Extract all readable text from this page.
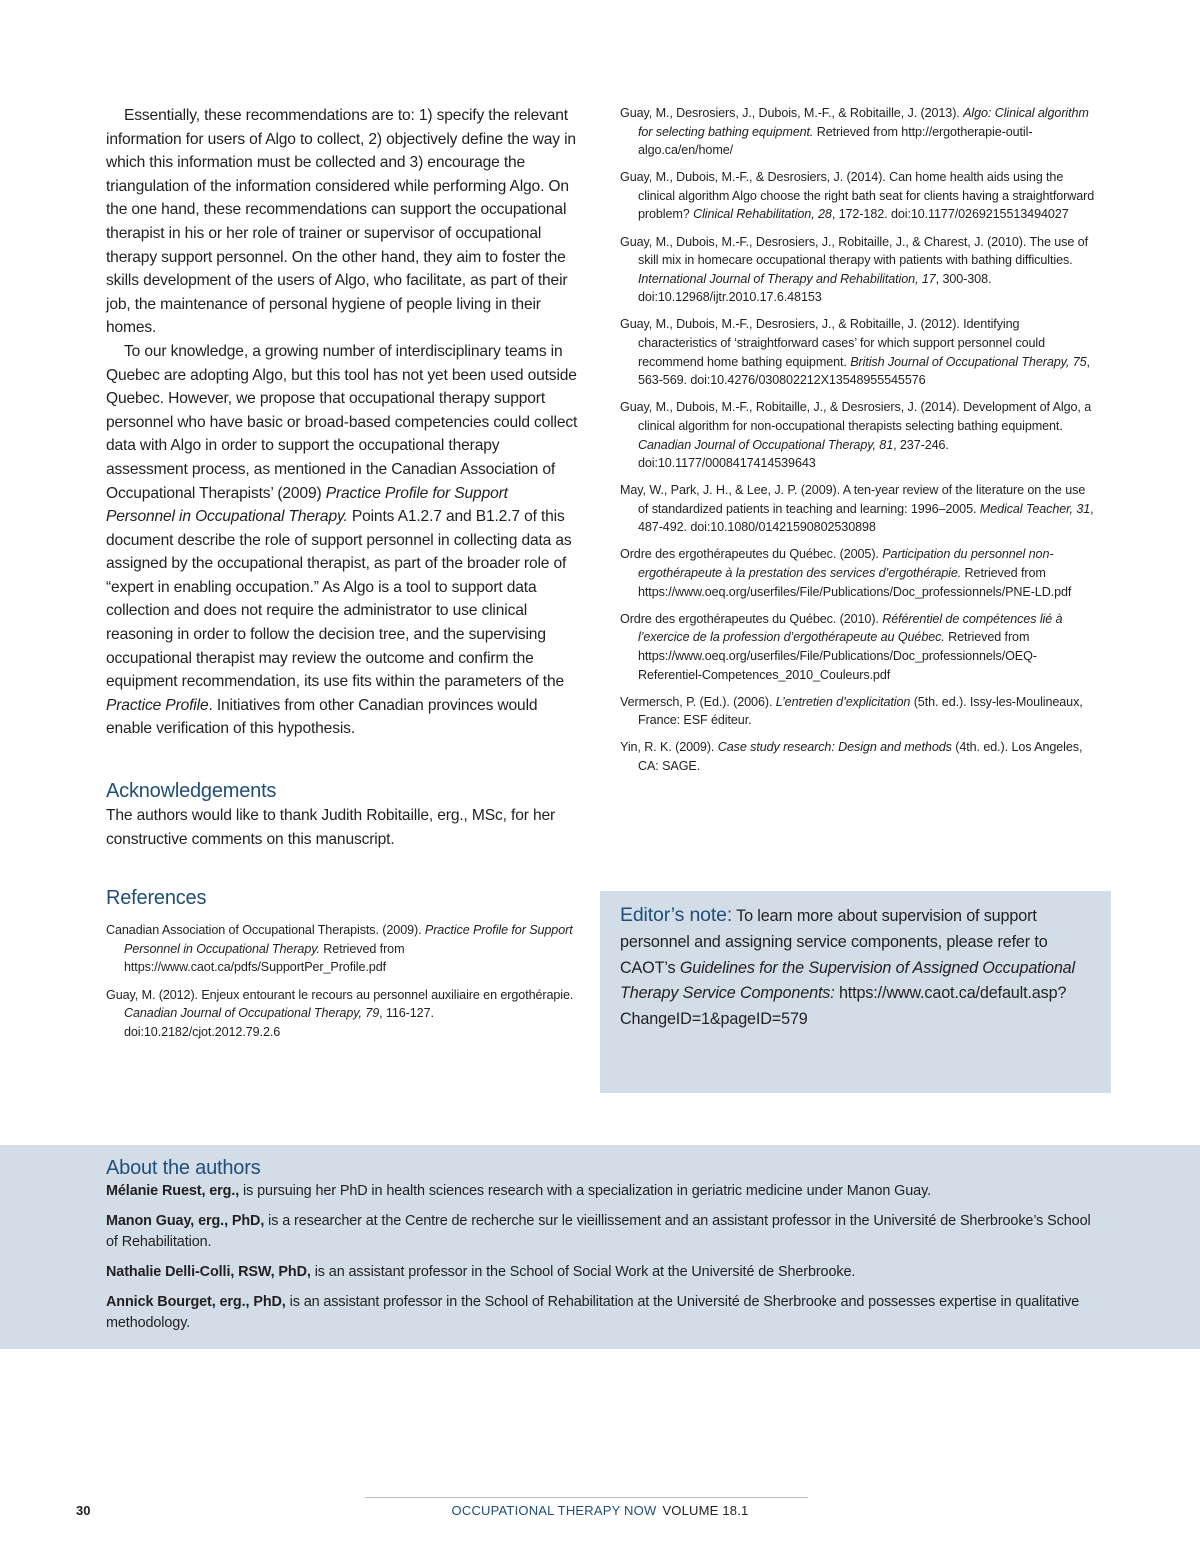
Essentially, these recommendations are to: 1) specify the relevant information for users of Algo to collect, 2) objectively define the way in which this information must be collected and 3) encourage the triangulation of the information considered while performing Algo. On the one hand, these recommendations can support the occupational therapist in his or her role of trainer or supervisor of occupational therapy support personnel. On the other hand, they aim to foster the skills development of the users of Algo, who facilitate, as part of their job, the maintenance of personal hygiene of people living in their homes.

To our knowledge, a growing number of interdisciplinary teams in Quebec are adopting Algo, but this tool has not yet been used outside Quebec. However, we propose that occupational therapy support personnel who have basic or broad-based competencies could collect data with Algo in order to support the occupational therapy assessment process, as mentioned in the Canadian Association of Occupational Therapists’ (2009) Practice Profile for Support Personnel in Occupational Therapy. Points A1.2.7 and B1.2.7 of this document describe the role of support personnel in collecting data as assigned by the occupational therapist, as part of the broader role of “expert in enabling occupation.” As Algo is a tool to support data collection and does not require the administrator to use clinical reasoning in order to follow the decision tree, and the supervising occupational therapist may review the outcome and confirm the equipment recommendation, its use fits within the parameters of the Practice Profile. Initiatives from other Canadian provinces would enable verification of this hypothesis.

Acknowledgements

The authors would like to thank Judith Robitaille, erg., MSc, for her constructive comments on this manuscript.

References
Canadian Association of Occupational Therapists. (2009). Practice Profile for Support Personnel in Occupational Therapy. Retrieved from https://www.caot.ca/pdfs/SupportPer_Profile.pdf
Guay, M. (2012). Enjeux entourant le recours au personnel auxiliaire en ergothérapie. Canadian Journal of Occupational Therapy, 79, 116-127. doi:10.2182/cjot.2012.79.2.6
Guay, M., Desrosiers, J., Dubois, M.-F., & Robitaille, J. (2013). Algo: Clinical algorithm for selecting bathing equipment. Retrieved from http://ergotherapie-outil-algo.ca/en/home/
Guay, M., Dubois, M.-F., & Desrosiers, J. (2014). Can home health aids using the clinical algorithm Algo choose the right bath seat for clients having a straightforward problem? Clinical Rehabilitation, 28, 172-182. doi:10.1177/0269215513494027
Guay, M., Dubois, M.-F., Desrosiers, J., Robitaille, J., & Charest, J. (2010). The use of skill mix in homecare occupational therapy with patients with bathing difficulties. International Journal of Therapy and Rehabilitation, 17, 300-308. doi:10.12968/ijtr.2010.17.6.48153
Guay, M., Dubois, M.-F., Desrosiers, J., & Robitaille, J. (2012). Identifying characteristics of ‘straightforward cases’ for which support personnel could recommend home bathing equipment. British Journal of Occupational Therapy, 75, 563-569. doi:10.4276/030802212X13548955545576
Guay, M., Dubois, M.-F., Robitaille, J., & Desrosiers, J. (2014). Development of Algo, a clinical algorithm for non-occupational therapists selecting bathing equipment. Canadian Journal of Occupational Therapy, 81, 237-246. doi:10.1177/0008417414539643
May, W., Park, J. H., & Lee, J. P. (2009). A ten-year review of the literature on the use of standardized patients in teaching and learning: 1996–2005. Medical Teacher, 31, 487-492. doi:10.1080/01421590802530898
Ordre des ergothérapeutes du Québec. (2005). Participation du personnel non-ergothérapeute à la prestation des services d’ergothérapie. Retrieved from https://www.oeq.org/userfiles/File/Publications/Doc_professionnels/PNE-LD.pdf
Ordre des ergothérapeutes du Québec. (2010). Référentiel de compétences lié à l’exercice de la profession d’ergothérapeute au Québec. Retrieved from https://www.oeq.org/userfiles/File/Publications/Doc_professionnels/OEQ-Referentiel-Competences_2010_Couleurs.pdf
Vermersch, P. (Ed.). (2006). L’entretien d’explicitation (5th. ed.). Issy-les-Moulineaux, France: ESF éditeur.
Yin, R. K. (2009). Case study research: Design and methods (4th. ed.). Los Angeles, CA: SAGE.

Editor’s note: To learn more about supervision of support personnel and assigning service components, please refer to CAOT’s Guidelines for the Supervision of Assigned Occupational Therapy Service Components: https://www.caot.ca/default.asp?ChangeID=1&pageID=579

About the authors

Mélanie Ruest, erg., is pursuing her PhD in health sciences research with a specialization in geriatric medicine under Manon Guay.

Manon Guay, erg., PhD, is a researcher at the Centre de recherche sur le vieillissement and an assistant professor in the Université de Sherbrooke’s School of Rehabilitation.

Nathalie Delli-Colli, RSW, PhD, is an assistant professor in the School of Social Work at the Université de Sherbrooke.

Annick Bourget, erg., PhD, is an assistant professor in the School of Rehabilitation at the Université de Sherbrooke and possesses expertise in qualitative methodology.

30	OCCUPATIONAL THERAPY NOW VOLUME 18.1
